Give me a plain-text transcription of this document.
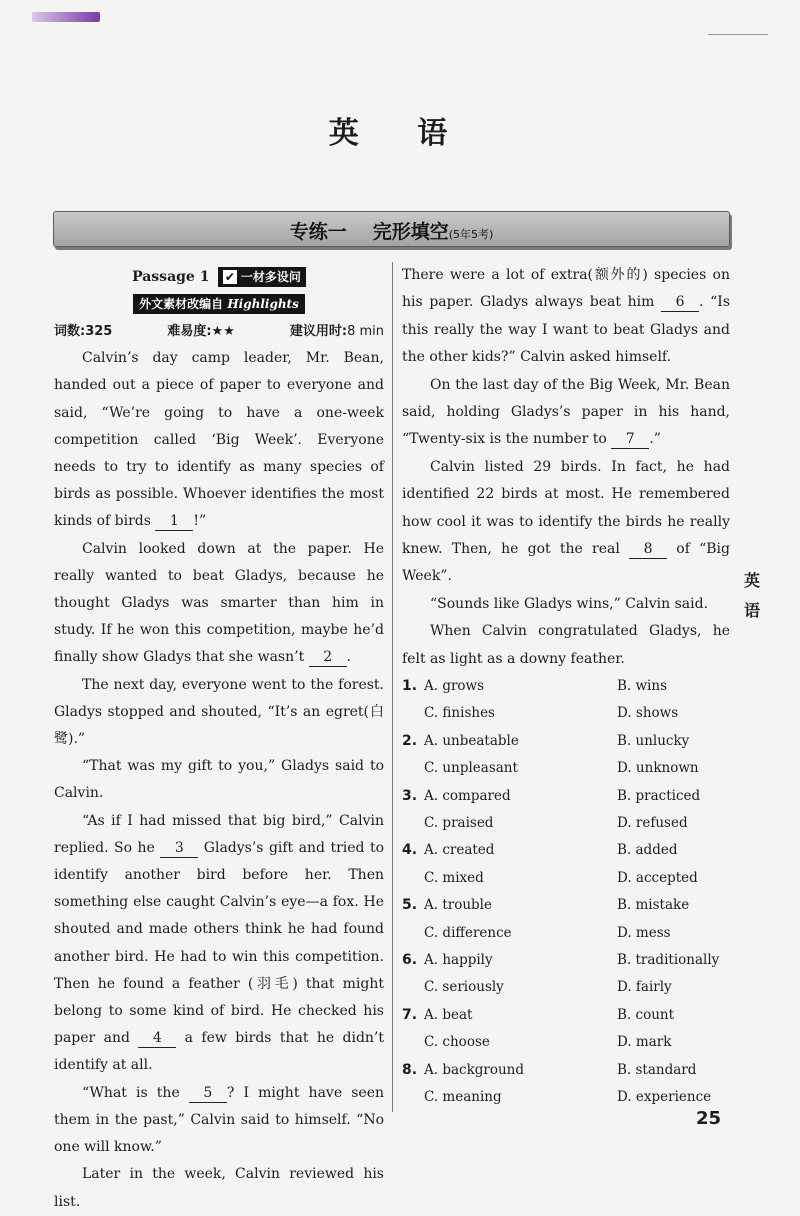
英 语
专练一 完形填空(5年5考)
Passage 1 ✔ 一材多设问
外文素材改编自 Highlights
词数:325	难易度:★★	建议用时:8 min

Calvin’s day camp leader, Mr. Bean, handed out a piece of paper to everyone and said, “We’re going to have a one-week competition called ‘Big Week’. Everyone needs to try to identify as many species of birds as possible. Whoever identifies the most kinds of birds 1 !”

Calvin looked down at the paper. He really wanted to beat Gladys, because he thought Gladys was smarter than him in study. If he won this competition, maybe he’d finally show Gladys that she wasn’t 2 .

The next day, everyone went to the forest. Gladys stopped and shouted, “It’s an egret(白鹭).”

“That was my gift to you,” Gladys said to Calvin.

“As if I had missed that big bird,” Calvin replied. So he 3 Gladys’s gift and tried to identify another bird before her. Then something else caught Calvin’s eye—a fox. He shouted and made others think he had found another bird. He had to win this competition. Then he found a feather (羽毛) that might belong to some kind of bird. He checked his paper and 4 a few birds that he didn’t identify at all.

“What is the 5 ? I might have seen them in the past,” Calvin said to himself. “No one will know.”

Later in the week, Calvin reviewed his list.

There were a lot of extra(额外的) species on his paper. Gladys always beat him 6 . “Is this really the way I want to beat Gladys and the other kids?” Calvin asked himself.

On the last day of the Big Week, Mr. Bean said, holding Gladys’s paper in his hand, “Twenty-six is the number to 7 .”

Calvin listed 29 birds. In fact, he had identified 22 birds at most. He remembered how cool it was to identify the birds he really knew. Then, he got the real 8 of “Big Week”.

“Sounds like Gladys wins,” Calvin said.

When Calvin congratulated Gladys, he felt as light as a downy feather.

1. A. grows	B. wins
C. finishes	D. shows
2. A. unbeatable	B. unlucky
C. unpleasant	D. unknown
3. A. compared	B. practiced
C. praised	D. refused
4. A. created	B. added
C. mixed	D. accepted
5. A. trouble	B. mistake
C. difference	D. mess
6. A. happily	B. traditionally
C. seriously	D. fairly
7. A. beat	B. count
C. choose	D. mark
8. A. background	B. standard
C. meaning	D. experience
英语
25
